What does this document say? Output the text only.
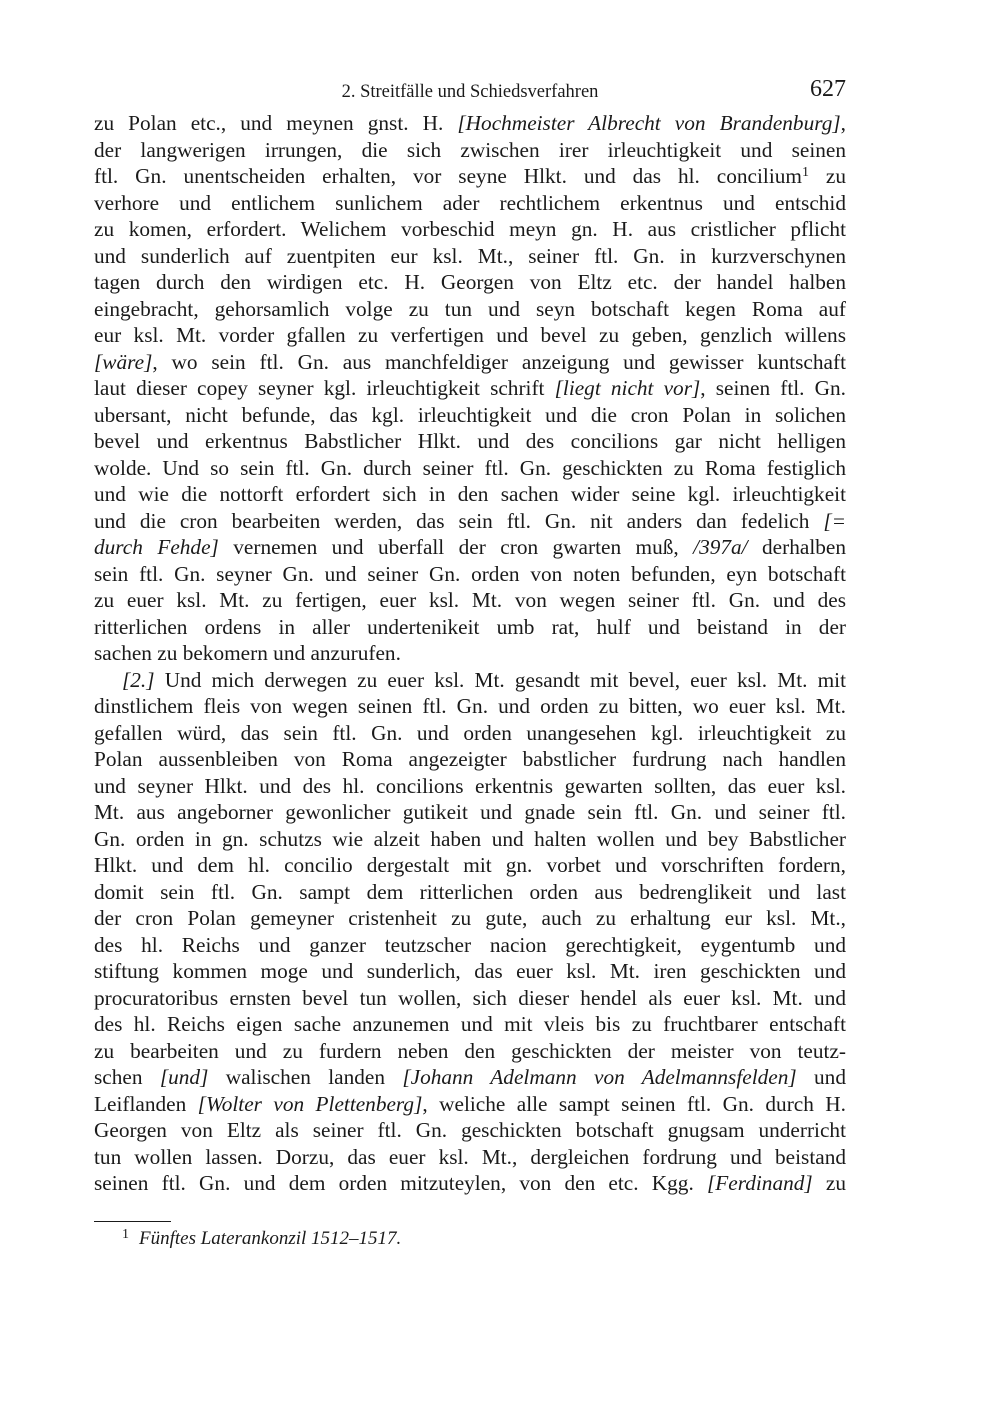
2. Streitfälle und Schiedsverfahren	627

zu Polan etc., und meynen gnst. H. [Hochmeister Albrecht von Brandenburg],
der langwerigen irrungen, die sich zwischen irer irleuchtigkeit und seinen
ftl. Gn. unentscheiden erhalten, vor seyne Hlkt. und das hl. concilium$^1$ zu
verhore und entlichem sunlichem ader rechtlichem erkentnus und entschid
zu komen, erfordert. Welichem vorbeschid meyn gn. H. aus cristlicher pflicht
und sunderlich auf zuentpiten eur ksl. Mt., seiner ftl. Gn. in kurzverschynen
tagen durch den wirdigen etc. H. Georgen von Eltz etc. der handel halben
eingebracht, gehorsamlich volge zu tun und seyn botschaft kegen Roma auf
eur ksl. Mt. vorder gfallen zu verfertigen und bevel zu geben, genzlich willens
[wäre], wo sein ftl. Gn. aus manchfeldiger anzeigung und gewisser kuntschaft
laut dieser copey seyner kgl. irleuchtigkeit schrift [liegt nicht vor], seinen ftl. Gn.
ubersant, nicht befunde, das kgl. irleuchtigkeit und die cron Polan in solichen
bevel und erkentnus Babstlicher Hlkt. und des concilions gar nicht helligen
wolde. Und so sein ftl. Gn. durch seiner ftl. Gn. geschickten zu Roma festiglich
und wie die nottorft erfordert sich in den sachen wider seine kgl. irleuchtigkeit
und die cron bearbeiten werden, das sein ftl. Gn. nit anders dan fedelich [=
durch Fehde] vernemen und uberfall der cron gwarten muß, /397a/ derhalben
sein ftl. Gn. seyner Gn. und seiner Gn. orden von noten befunden, eyn botschaft
zu euer ksl. Mt. zu fertigen, euer ksl. Mt. von wegen seiner ftl. Gn. und des
ritterlichen ordens in aller undertenikeit umb rat, hulf und beistand in der
sachen zu bekomern und anzurufen.

[2.] Und mich derwegen zu euer ksl. Mt. gesandt mit bevel, euer ksl. Mt. mit
dinstlichem fleis von wegen seinen ftl. Gn. und orden zu bitten, wo euer ksl. Mt.
gefallen würd, das sein ftl. Gn. und orden unangesehen kgl. irleuchtigkeit zu
Polan aussenbleiben von Roma angezeigter babstlicher furdrung nach handlen
und seyner Hlkt. und des hl. concilions erkentnis gewarten sollten, das euer ksl.
Mt. aus angeborner gewonlicher gutikeit und gnade sein ftl. Gn. und seiner ftl.
Gn. orden in gn. schutzs wie alzeit haben und halten wollen und bey Babstlicher
Hlkt. und dem hl. concilio dergestalt mit gn. vorbet und vorschriften fordern,
domit sein ftl. Gn. sampt dem ritterlichen orden aus bedrenglikeit und last
der cron Polan gemeyner cristenheit zu gute, auch zu erhaltung eur ksl. Mt.,
des hl. Reichs und ganzer teutzscher nacion gerechtigkeit, eygentumb und
stiftung kommen moge und sunderlich, das euer ksl. Mt. iren geschickten und
procuratoribus ernsten bevel tun wollen, sich dieser hendel als euer ksl. Mt. und
des hl. Reichs eigen sache anzunemen und mit vleis bis zu fruchtbarer entschaft
zu bearbeiten und zu furdern neben den geschickten der meister von teutz-
schen [und] walischen landen [Johann Adelmann von Adelmannsfelden] und
Leiflanden [Wolter von Plettenberg], weliche alle sampt seinen ftl. Gn. durch H.
Georgen von Eltz als seiner ftl. Gn. geschickten botschaft gnugsam underricht
tun wollen lassen. Dorzu, das euer ksl. Mt., dergleichen fordrung und beistand
seinen ftl. Gn. und dem orden mitzuteylen, von den etc. Kgg. [Ferdinand] zu

$^1$ Fünftes Laterankonzil 1512–1517.
